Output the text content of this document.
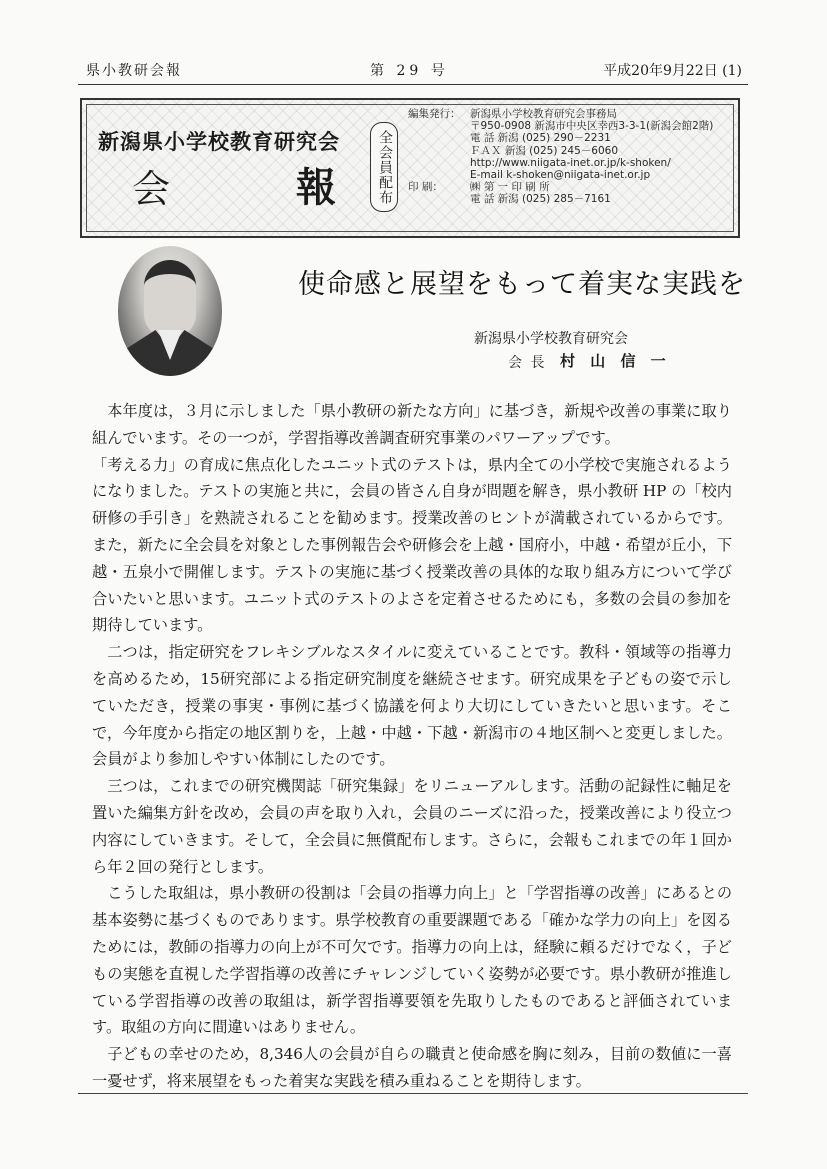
県小教研会報	第 29 号	平成20年9月22日 (1)
新潟県小学校教育研究会
会	報	全会員配布
編集発行： 新潟県小学校教育研究会事務局
〒950-0908 新潟市中央区幸西3-3-1(新潟会館2階)
電 話 新潟 (025) 290－2231
ＦＡＸ 新潟 (025) 245－6060
http://www.niigata-inet.or.jp/k-shoken/
E-mail k-shoken@niigata-inet.or.jp
印 刷：	㈱ 第 一 印 刷 所
電 話 新潟 (025) 285－7161
使命感と展望をもって着実な実践を
新潟県小学校教育研究会
会 長 村 山 信 一

本年度は，３月に示しました「県小教研の新たな方向」に基づき，新規や改善の事業に取り組んでいます。その一つが，学習指導改善調査研究事業のパワーアップです。

「考える力」の育成に焦点化したユニット式のテストは，県内全ての小学校で実施されるようになりました。テストの実施と共に，会員の皆さん自身が問題を解き，県小教研 HP の「校内研修の手引き」を熟読されることを勧めます。授業改善のヒントが満載されているからです。また，新たに全会員を対象とした事例報告会や研修会を上越・国府小，中越・希望が丘小，下越・五泉小で開催します。テストの実施に基づく授業改善の具体的な取り組み方について学び合いたいと思います。ユニット式のテストのよさを定着させるためにも，多数の会員の参加を期待しています。

二つは，指定研究をフレキシブルなスタイルに変えていることです。教科・領域等の指導力を高めるため，15研究部による指定研究制度を継続させます。研究成果を子どもの姿で示していただき，授業の事実・事例に基づく協議を何より大切にしていきたいと思います。そこで，今年度から指定の地区割りを，上越・中越・下越・新潟市の４地区制へと変更しました。会員がより参加しやすい体制にしたのです。

三つは，これまでの研究機関誌「研究集録」をリニューアルします。活動の記録性に軸足を置いた編集方針を改め，会員の声を取り入れ，会員のニーズに沿った，授業改善により役立つ内容にしていきます。そして，全会員に無償配布します。さらに，会報もこれまでの年１回から年２回の発行とします。

こうした取組は，県小教研の役割は「会員の指導力向上」と「学習指導の改善」にあるとの基本姿勢に基づくものであります。県学校教育の重要課題である「確かな学力の向上」を図るためには，教師の指導力の向上が不可欠です。指導力の向上は，経験に頼るだけでなく，子どもの実態を直視した学習指導の改善にチャレンジしていく姿勢が必要です。県小教研が推進している学習指導の改善の取組は，新学習指導要領を先取りしたものであると評価されています。取組の方向に間違いはありません。

子どもの幸せのため，8,346人の会員が自らの職責と使命感を胸に刻み，目前の数値に一喜一憂せず，将来展望をもった着実な実践を積み重ねることを期待します。
